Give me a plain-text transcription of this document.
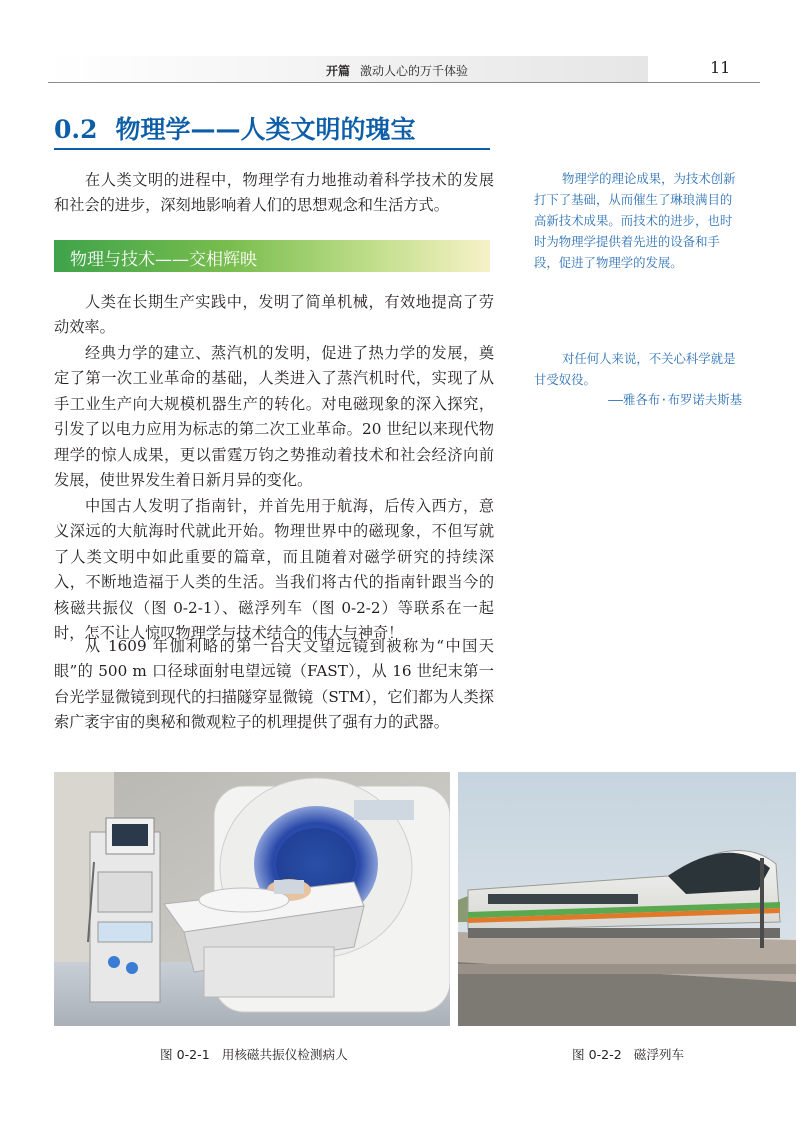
开篇 激动人心的万千体验	11
0.2 物理学——人类文明的瑰宝

在人类文明的进程中，物理学有力地推动着科学技术的发展和社会的进步，深刻地影响着人们的思想观念和生活方式。

物理与技术——交相辉映

人类在长期生产实践中，发明了简单机械，有效地提高了劳动效率。

经典力学的建立、蒸汽机的发明，促进了热力学的发展，奠定了第一次工业革命的基础，人类进入了蒸汽机时代，实现了从手工业生产向大规模机器生产的转化。对电磁现象的深入探究，引发了以电力应用为标志的第二次工业革命。20 世纪以来现代物理学的惊人成果，更以雷霆万钧之势推动着技术和社会经济向前发展，使世界发生着日新月异的变化。

中国古人发明了指南针，并首先用于航海，后传入西方，意义深远的大航海时代就此开始。物理世界中的磁现象，不但写就了人类文明中如此重要的篇章，而且随着对磁学研究的持续深入，不断地造福于人类的生活。当我们将古代的指南针跟当今的核磁共振仪（图 0-2-1）、磁浮列车（图 0-2-2）等联系在一起时，怎不让人惊叹物理学与技术结合的伟大与神奇！

从 1609 年伽利略的第一台天文望远镜到被称为“中国天眼”的 500 m 口径球面射电望远镜（FAST），从 16 世纪末第一台光学显微镜到现代的扫描隧穿显微镜（STM），它们都为人类探索广袤宇宙的奥秘和微观粒子的机理提供了强有力的武器。

物理学的理论成果，为技术创新打下了基础，从而催生了琳琅满目的高新技术成果。而技术的进步，也时时为物理学提供着先进的设备和手段，促进了物理学的发展。

对任何人来说，不关心科学就是甘受奴役。

——雅各布·布罗诺夫斯基
图 0-2-1 用核磁共振仪检测病人	图 0-2-2 磁浮列车
